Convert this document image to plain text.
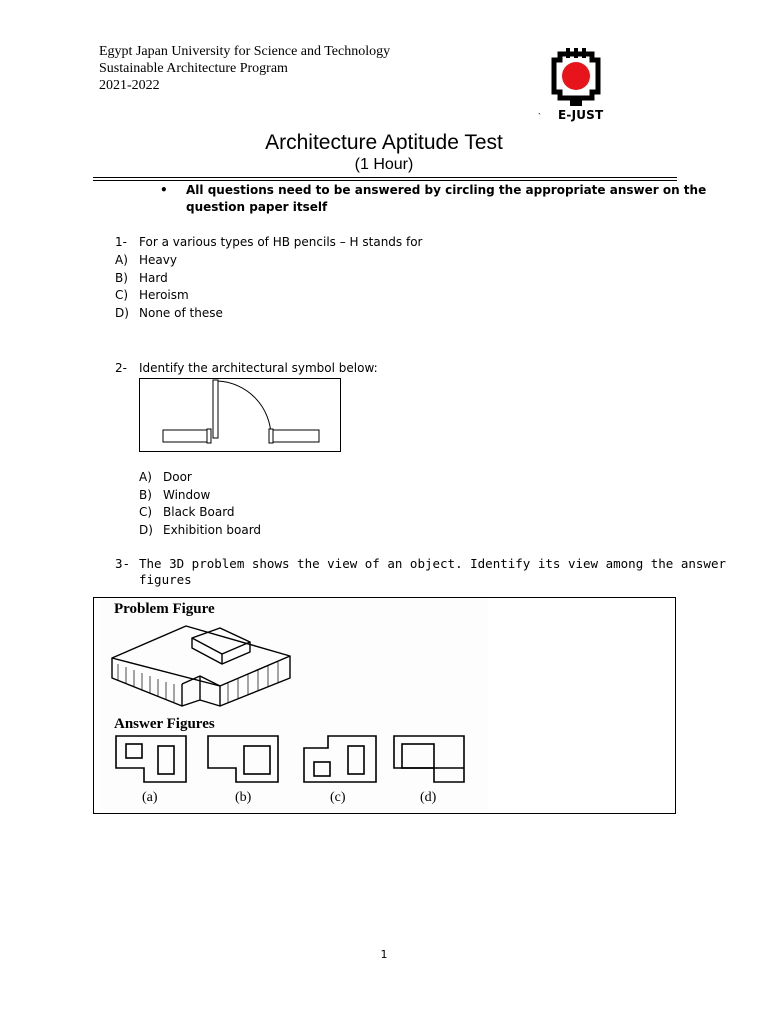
Egypt Japan University for Science and Technology
Sustainable Architecture Program
2021-2022
E-JUST
`
Architecture Aptitude Test
(1 Hour)
• All questions need to be answered by circling the appropriate answer on the
question paper itself
1- For a various types of HB pencils – H stands for
A) Heavy
B) Hard
C) Heroism
D) None of these
2- Identify the architectural symbol below:
A) Door
B) Window
C) Black Board
D) Exhibition board
3- The 3D problem shows the view of an object. Identify its view among the answer
figures
Problem Figure
Answer Figures
(a)	(b)	(c)	(d)
1
